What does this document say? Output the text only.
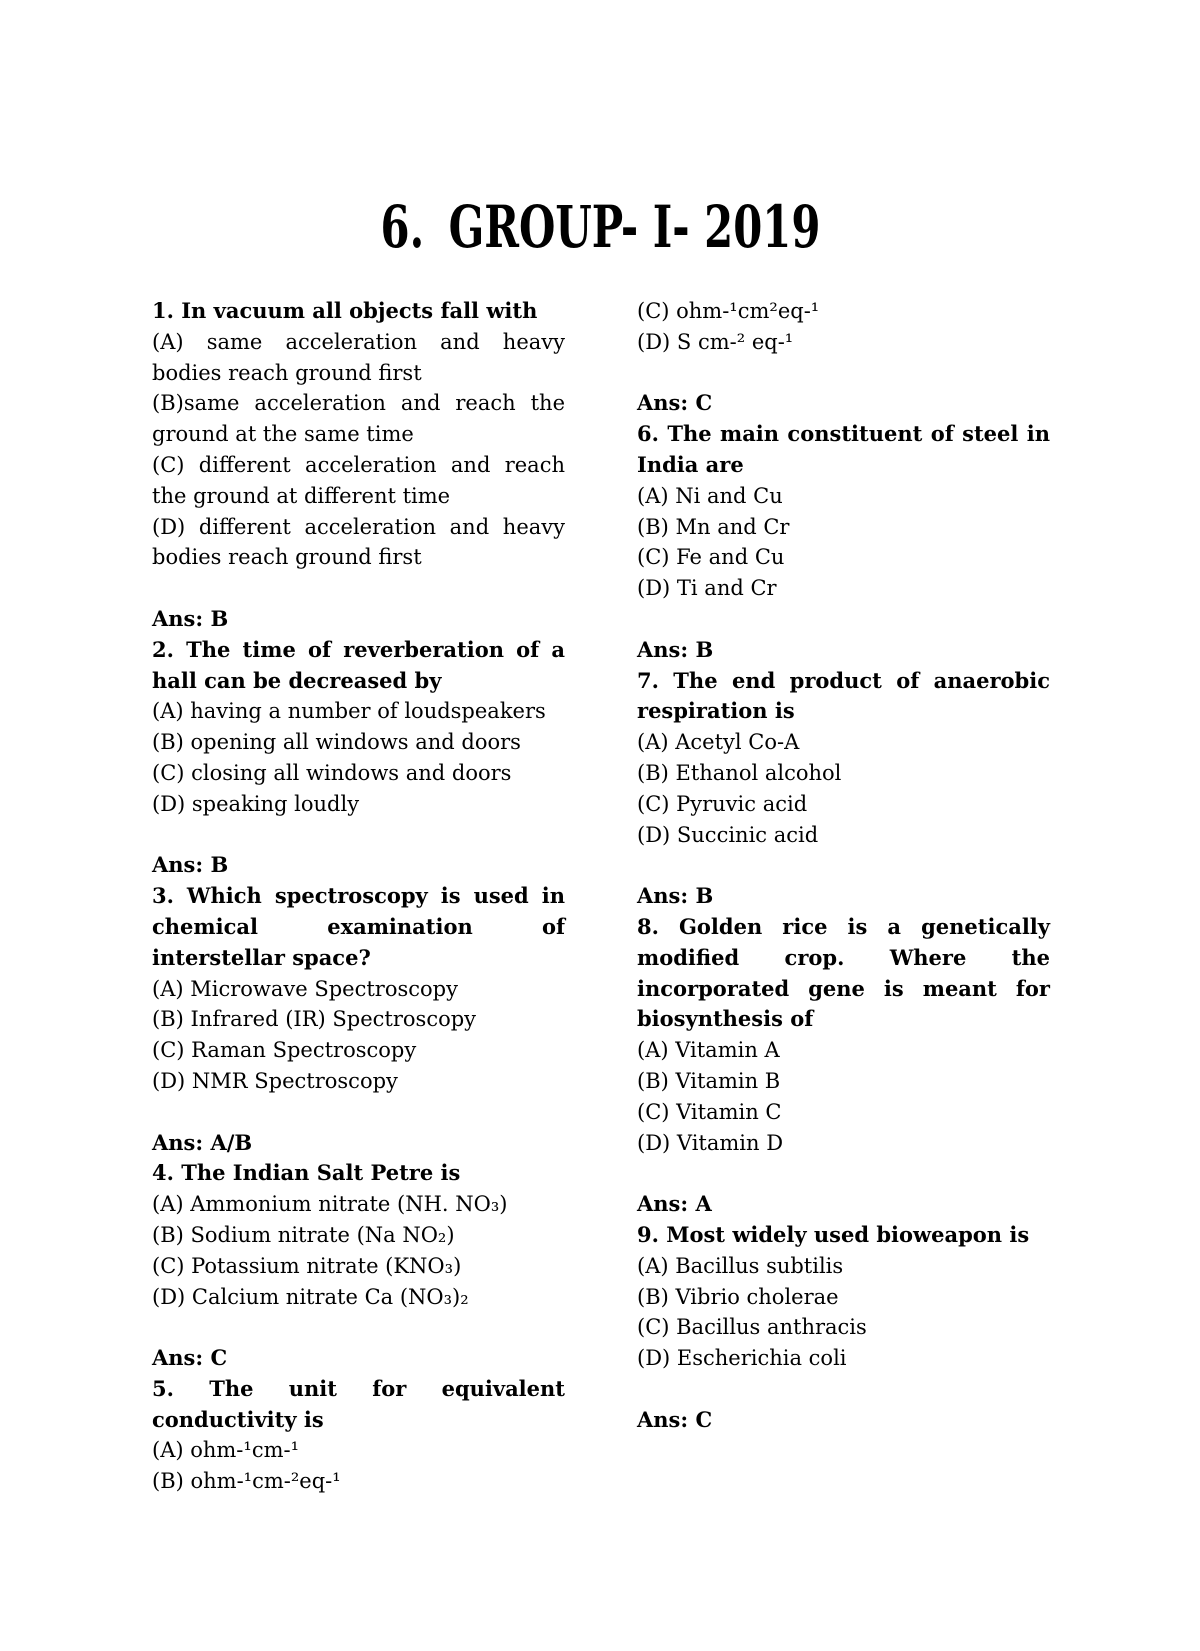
6. GROUP- I- 2019

1. In vacuum all objects fall with

(A) same acceleration and heavy bodies reach ground first

(B)same acceleration and reach the ground at the same time

(C) different acceleration and reach the ground at different time

(D) different acceleration and heavy bodies reach ground first

Ans: B

2. The time of reverberation of a hall can be decreased by

(A) having a number of loudspeakers

(B) opening all windows and doors

(C) closing all windows and doors

(D) speaking loudly

Ans: B

3. Which spectroscopy is used in chemical examination of interstellar space?

(A) Microwave Spectroscopy

(B) Infrared (IR) Spectroscopy

(C) Raman Spectroscopy

(D) NMR Spectroscopy

Ans: A/B

4. The Indian Salt Petre is

(A) Ammonium nitrate (NH. NO₃)

(B) Sodium nitrate (Na NO₂)

(C) Potassium nitrate (KNO₃)

(D) Calcium nitrate Ca (NO₃)₂

Ans: C

5. The unit for equivalent conductivity is

(A) ohm-¹cm-¹

(B) ohm-¹cm-²eq-¹

(C) ohm-¹cm²eq-¹

(D) S cm-² eq-¹

Ans: C

6. The main constituent of steel in India are

(A) Ni and Cu

(B) Mn and Cr

(C) Fe and Cu

(D) Ti and Cr

Ans: B

7. The end product of anaerobic respiration is

(A) Acetyl Co-A

(B) Ethanol alcohol

(C) Pyruvic acid

(D) Succinic acid

Ans: B

8. Golden rice is a genetically modified crop. Where the incorporated gene is meant for biosynthesis of

(A) Vitamin A

(B) Vitamin B

(C) Vitamin C

(D) Vitamin D

Ans: A

9. Most widely used bioweapon is

(A) Bacillus subtilis

(B) Vibrio cholerae

(C) Bacillus anthracis

(D) Escherichia coli

Ans: C
